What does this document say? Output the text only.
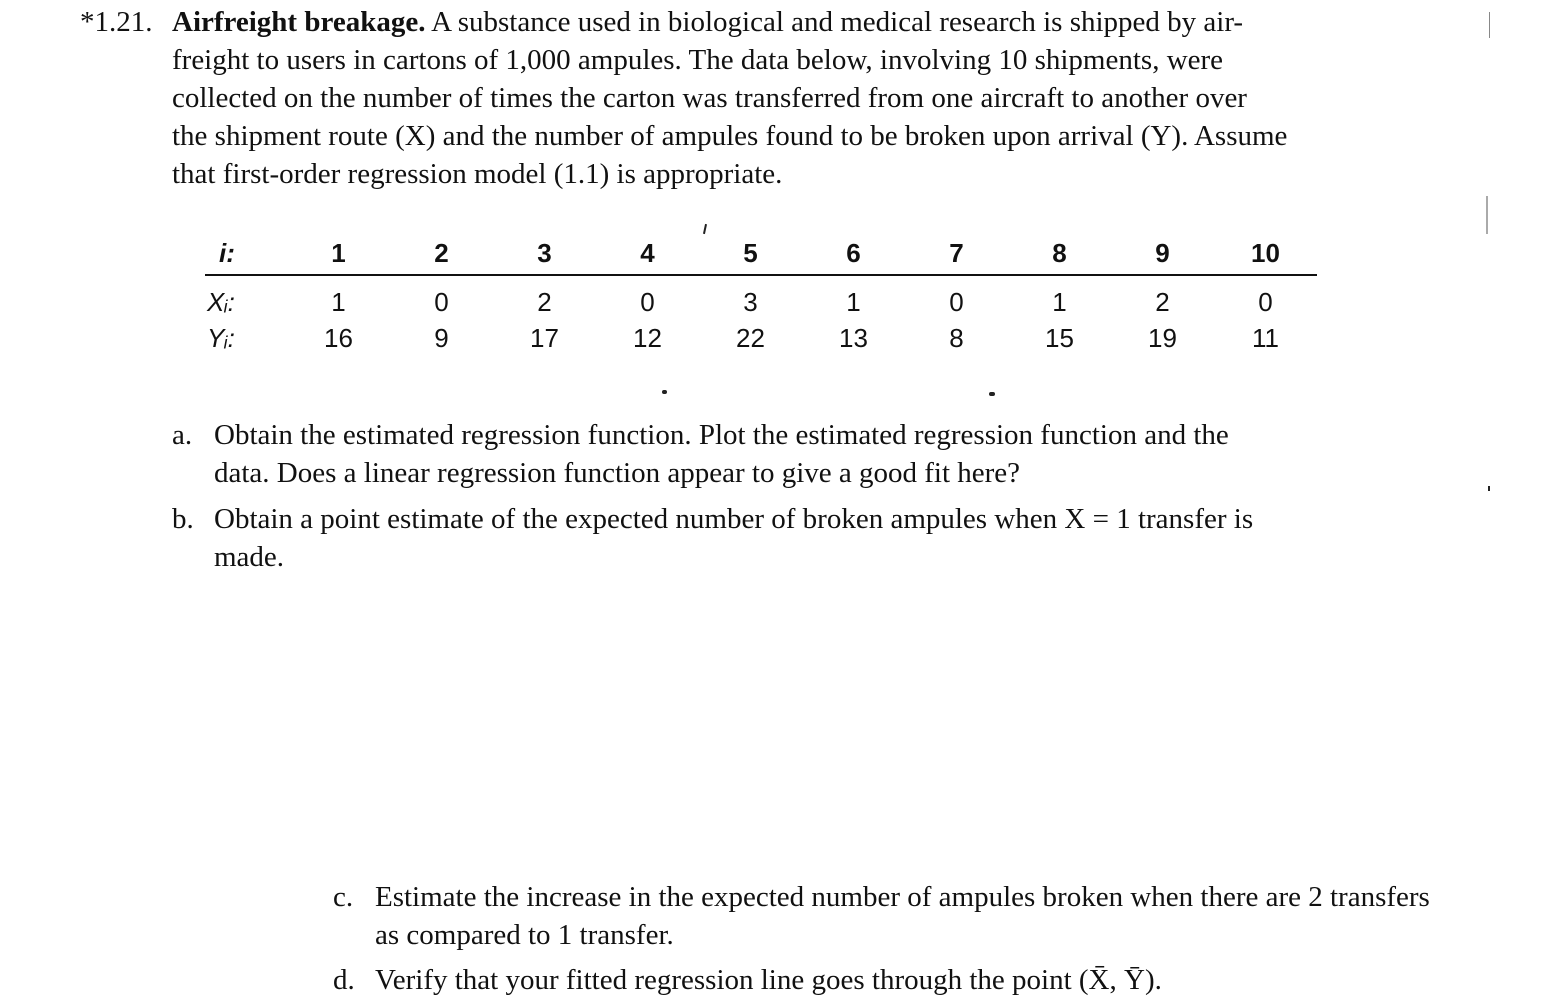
*1.21. Airfreight breakage. A substance used in biological and medical research is shipped by air-
freight to users in cartons of 1,000 ampules. The data below, involving 10 shipments, were
collected on the number of times the carton was transferred from one aircraft to another over
the shipment route (X) and the number of ampules found to be broken upon arrival (Y). Assume
that first-order regression model (1.1) is appropriate.
i:	1	2	3	4	5	6	7	8	9	10
Xᵢ:	1	0	2	0	3	1	0	1	2	0
Yᵢ:	16	9	17	12	22	13	8	15	19	11
a. Obtain the estimated regression function. Plot the estimated regression function and the
data. Does a linear regression function appear to give a good fit here?
b. Obtain a point estimate of the expected number of broken ampules when X = 1 transfer is
made.
c. Estimate the increase in the expected number of ampules broken when there are 2 transfers
as compared to 1 transfer.
d. Verify that your fitted regression line goes through the point (X̄, Ȳ).
